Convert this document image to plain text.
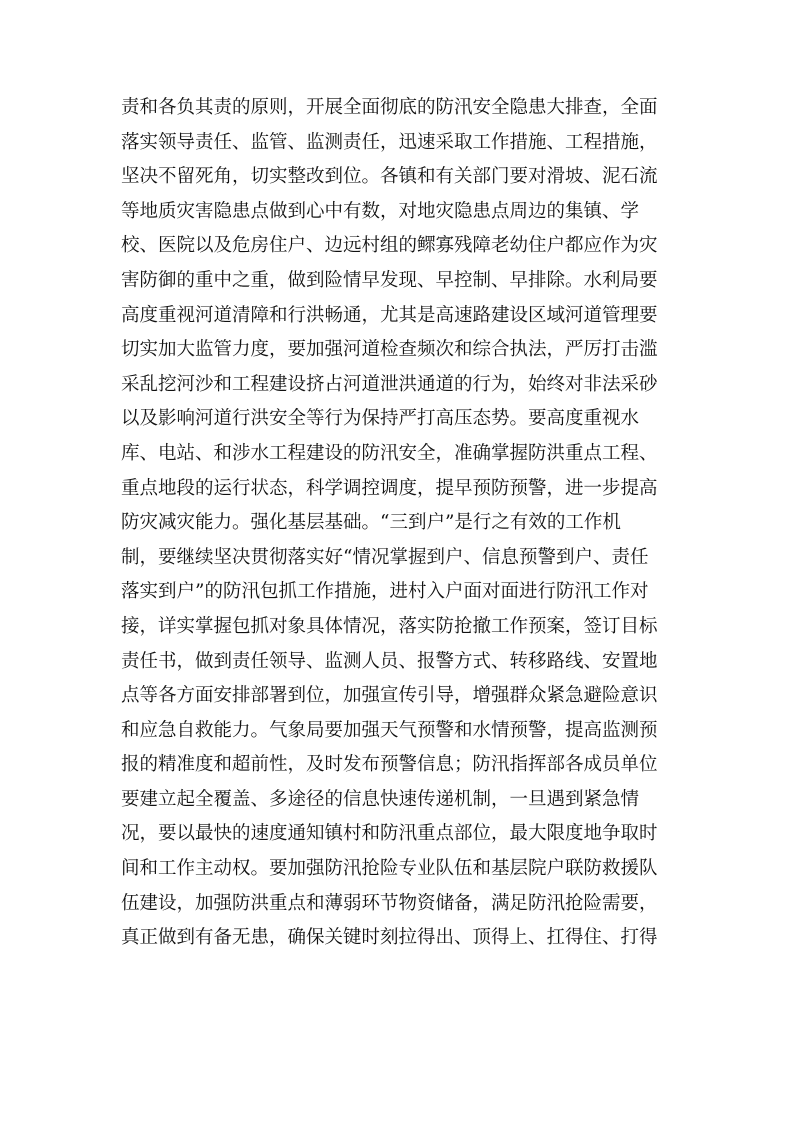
责和各负其责的原则，开展全面彻底的防汛安全隐患大排查，全面
落实领导责任、监管、监测责任，迅速采取工作措施、工程措施，
坚决不留死角，切实整改到位。各镇和有关部门要对滑坡、泥石流
等地质灾害隐患点做到心中有数，对地灾隐患点周边的集镇、学
校、医院以及危房住户、边远村组的鳏寡残障老幼住户都应作为灾
害防御的重中之重，做到险情早发现、早控制、早排除。水利局要
高度重视河道清障和行洪畅通，尤其是高速路建设区域河道管理要
切实加大监管力度，要加强河道检查频次和综合执法，严厉打击滥
采乱挖河沙和工程建设挤占河道泄洪通道的行为，始终对非法采砂
以及影响河道行洪安全等行为保持严打高压态势。要高度重视水
库、电站、和涉水工程建设的防汛安全，准确掌握防洪重点工程、
重点地段的运行状态，科学调控调度，提早预防预警，进一步提高
防灾减灾能力。强化基层基础。“三到户”是行之有效的工作机
制，要继续坚决贯彻落实好“情况掌握到户、信息预警到户、责任
落实到户”的防汛包抓工作措施，进村入户面对面进行防汛工作对
接，详实掌握包抓对象具体情况，落实防抢撤工作预案，签订目标
责任书，做到责任领导、监测人员、报警方式、转移路线、安置地
点等各方面安排部署到位，加强宣传引导，增强群众紧急避险意识
和应急自救能力。气象局要加强天气预警和水情预警，提高监测预
报的精准度和超前性，及时发布预警信息；防汛指挥部各成员单位
要建立起全覆盖、多途径的信息快速传递机制，一旦遇到紧急情
况，要以最快的速度通知镇村和防汛重点部位，最大限度地争取时
间和工作主动权。要加强防汛抢险专业队伍和基层院户联防救援队
伍建设，加强防洪重点和薄弱环节物资储备，满足防汛抢险需要，
真正做到有备无患，确保关键时刻拉得出、顶得上、扛得住、打得
